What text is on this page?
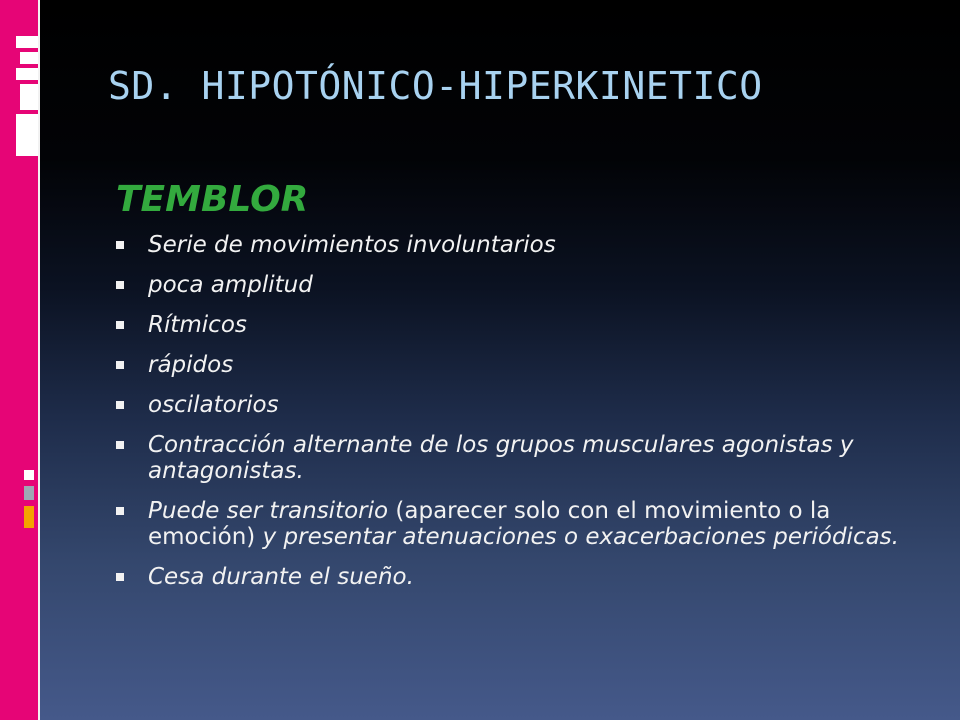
SD. HIPOTÓNICO-HIPERKINETICO
TEMBLOR
Serie de movimientos involuntarios
poca amplitud
Rítmicos
rápidos
oscilatorios
Contracción alternante de los grupos musculares agonistas y antagonistas.
Puede ser transitorio (aparecer solo con el movimiento o la emoción) y presentar atenuaciones o exacerbaciones periódicas.
Cesa durante el sueño.
